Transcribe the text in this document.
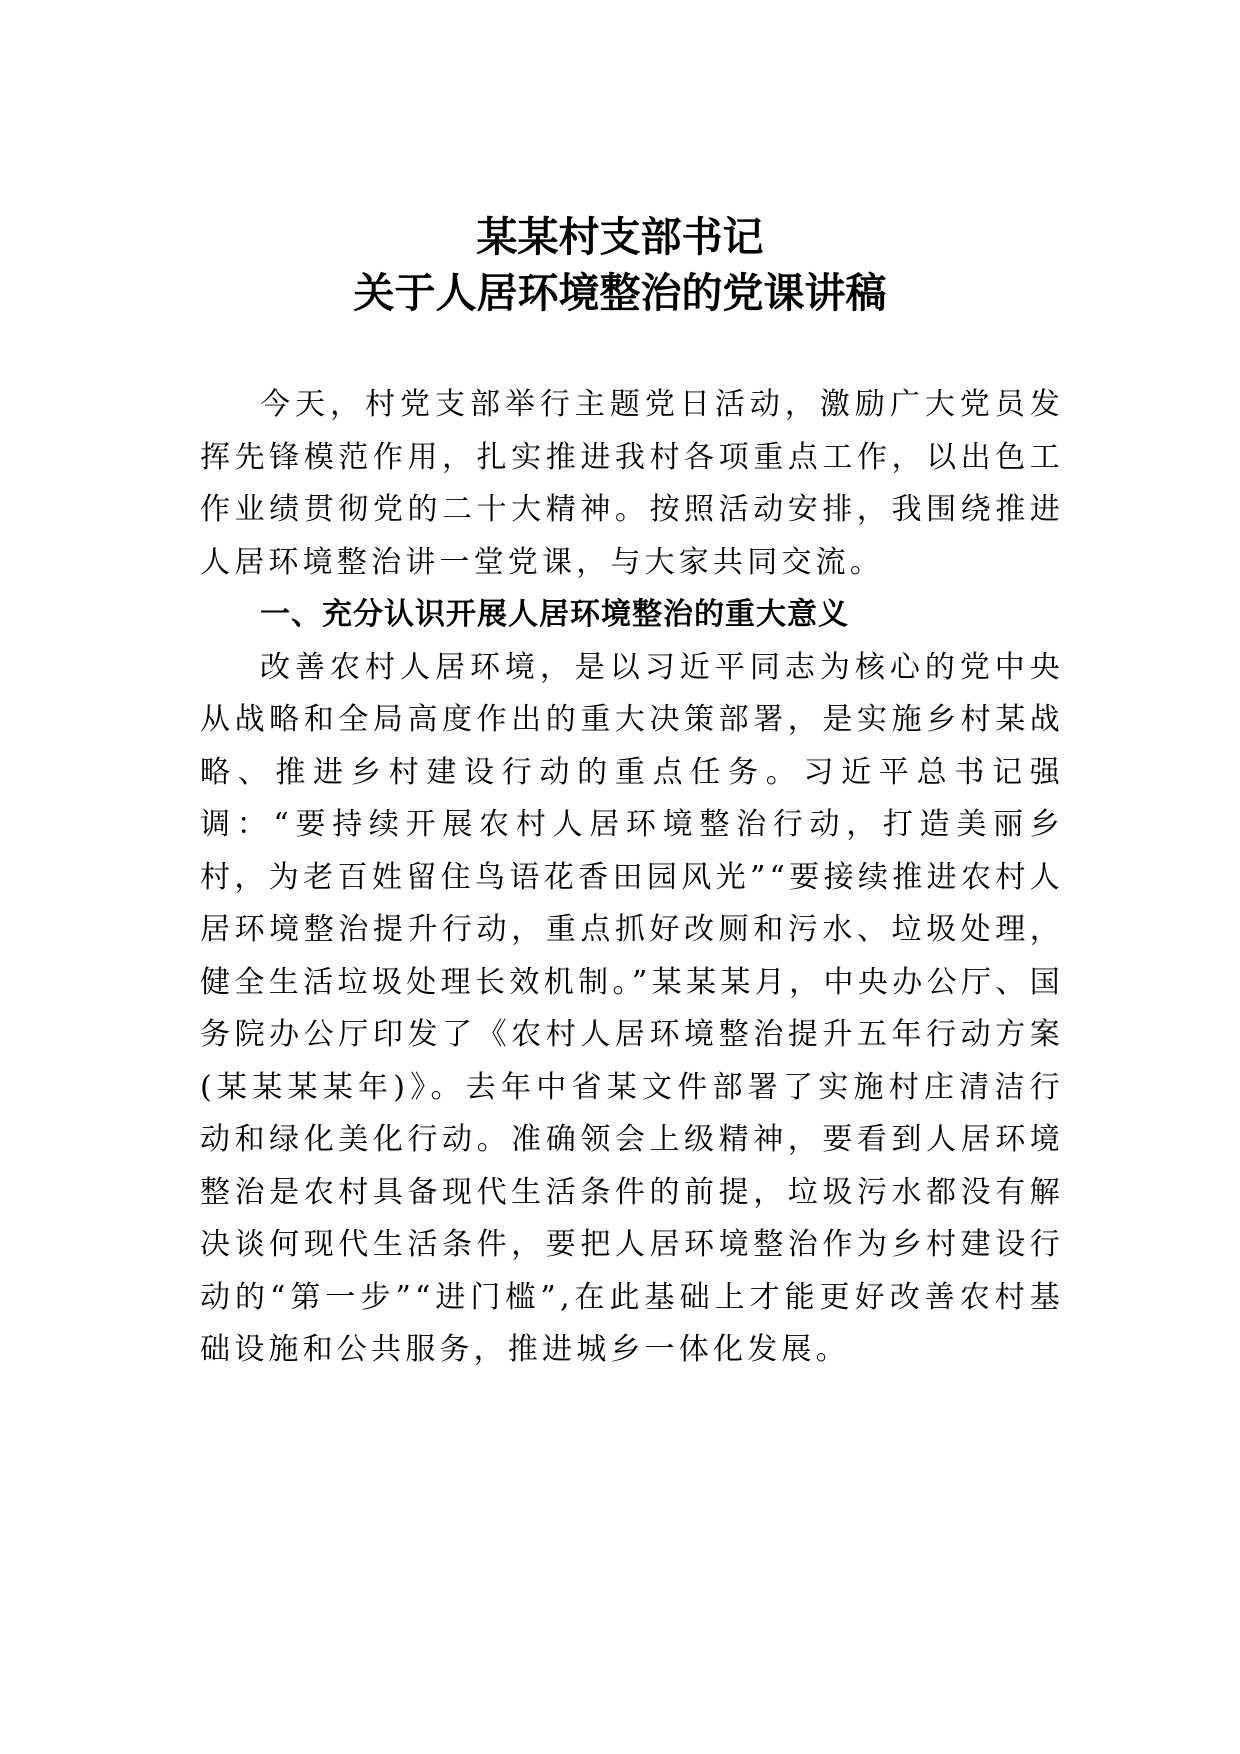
某某村支部书记
关于人居环境整治的党课讲稿

今天，村党支部举行主题党日活动，激励广大党员发挥先锋模范作用，扎实推进我村各项重点工作，以出色工作业绩贯彻党的二十大精神。按照活动安排，我围绕推进人居环境整治讲一堂党课，与大家共同交流。

一、充分认识开展人居环境整治的重大意义

改善农村人居环境，是以习近平同志为核心的党中央从战略和全局高度作出的重大决策部署，是实施乡村某战略、推进乡村建设行动的重点任务。习近平总书记强调：“要持续开展农村人居环境整治行动，打造美丽乡村，为老百姓留住鸟语花香田园风光”“要接续推进农村人居环境整治提升行动，重点抓好改厕和污水、垃圾处理，健全生活垃圾处理长效机制。”某某某月，中央办公厅、国务院办公厅印发了《农村人居环境整治提升五年行动方案(某某某某年)》。去年中省某文件部署了实施村庄清洁行动和绿化美化行动。准确领会上级精神，要看到人居环境整治是农村具备现代生活条件的前提，垃圾污水都没有解决谈何现代生活条件，要把人居环境整治作为乡村建设行动的“第一步”“进门槛”,在此基础上才能更好改善农村基础设施和公共服务，推进城乡一体化发展。
